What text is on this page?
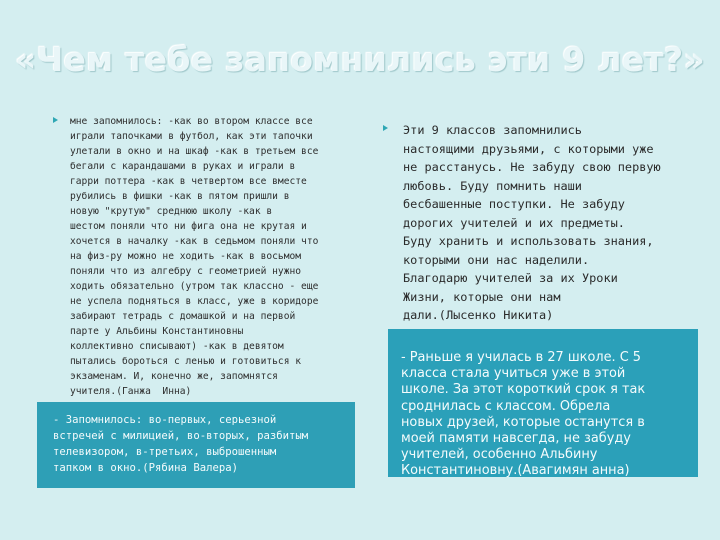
«Чем тебе запомнились эти 9 лет?»

мне запомнилось: -как во втором классе все
играли тапочками в футбол, как эти тапочки
улетали в окно и на шкаф -как в третьем все
бегали с карандашами в руках и играли в
гарри поттера -как в четвертом все вместе
рубились в фишки -как в пятом пришли в
новую "крутую" среднюю школу -как в
шестом поняли что ни фига она не крутая и
хочется в началку -как в седьмом поняли что
на физ-ру можно не ходить -как в восьмом
поняли что из алгебру с геометрией нужно
ходить обязательно (утром так классно - еще
не успела подняться в класс, уже в коридоре
забирают тетрадь с домашкой и на первой
парте у Альбины Константиновны
коллективно списывают) -как в девятом
пытались бороться с ленью и готовиться к
экзаменам. И, конечно же, запомнятся
учителя.(Ганжа  Инна)

- Запомнилось: во-первых, серьезной
встречей с милицией, во-вторых, разбитым
телевизором, в-третьих, выброшенным
тапком в окно.(Рябина Валера)

Эти 9 классов запомнились
настоящими друзьями, с которыми уже
не расстанусь. Не забуду свою первую
любовь. Буду помнить наши
бесбашенные поступки. Не забуду
дорогих учителей и их предметы.
Буду хранить и использовать знания,
которыми они нас наделили.
Благодарю учителей за их Уроки
Жизни, которые они нам
дали.(Лысенко Никита)

- Раньше я училась в 27 школе. С 5
класса стала учиться уже в этой
школе. За этот короткий срок я так
сроднилась с классом. Обрела
новых друзей, которые останутся в
моей памяти навсегда, не забуду
учителей, особенно Альбину
Константиновну.(Авагимян анна)
